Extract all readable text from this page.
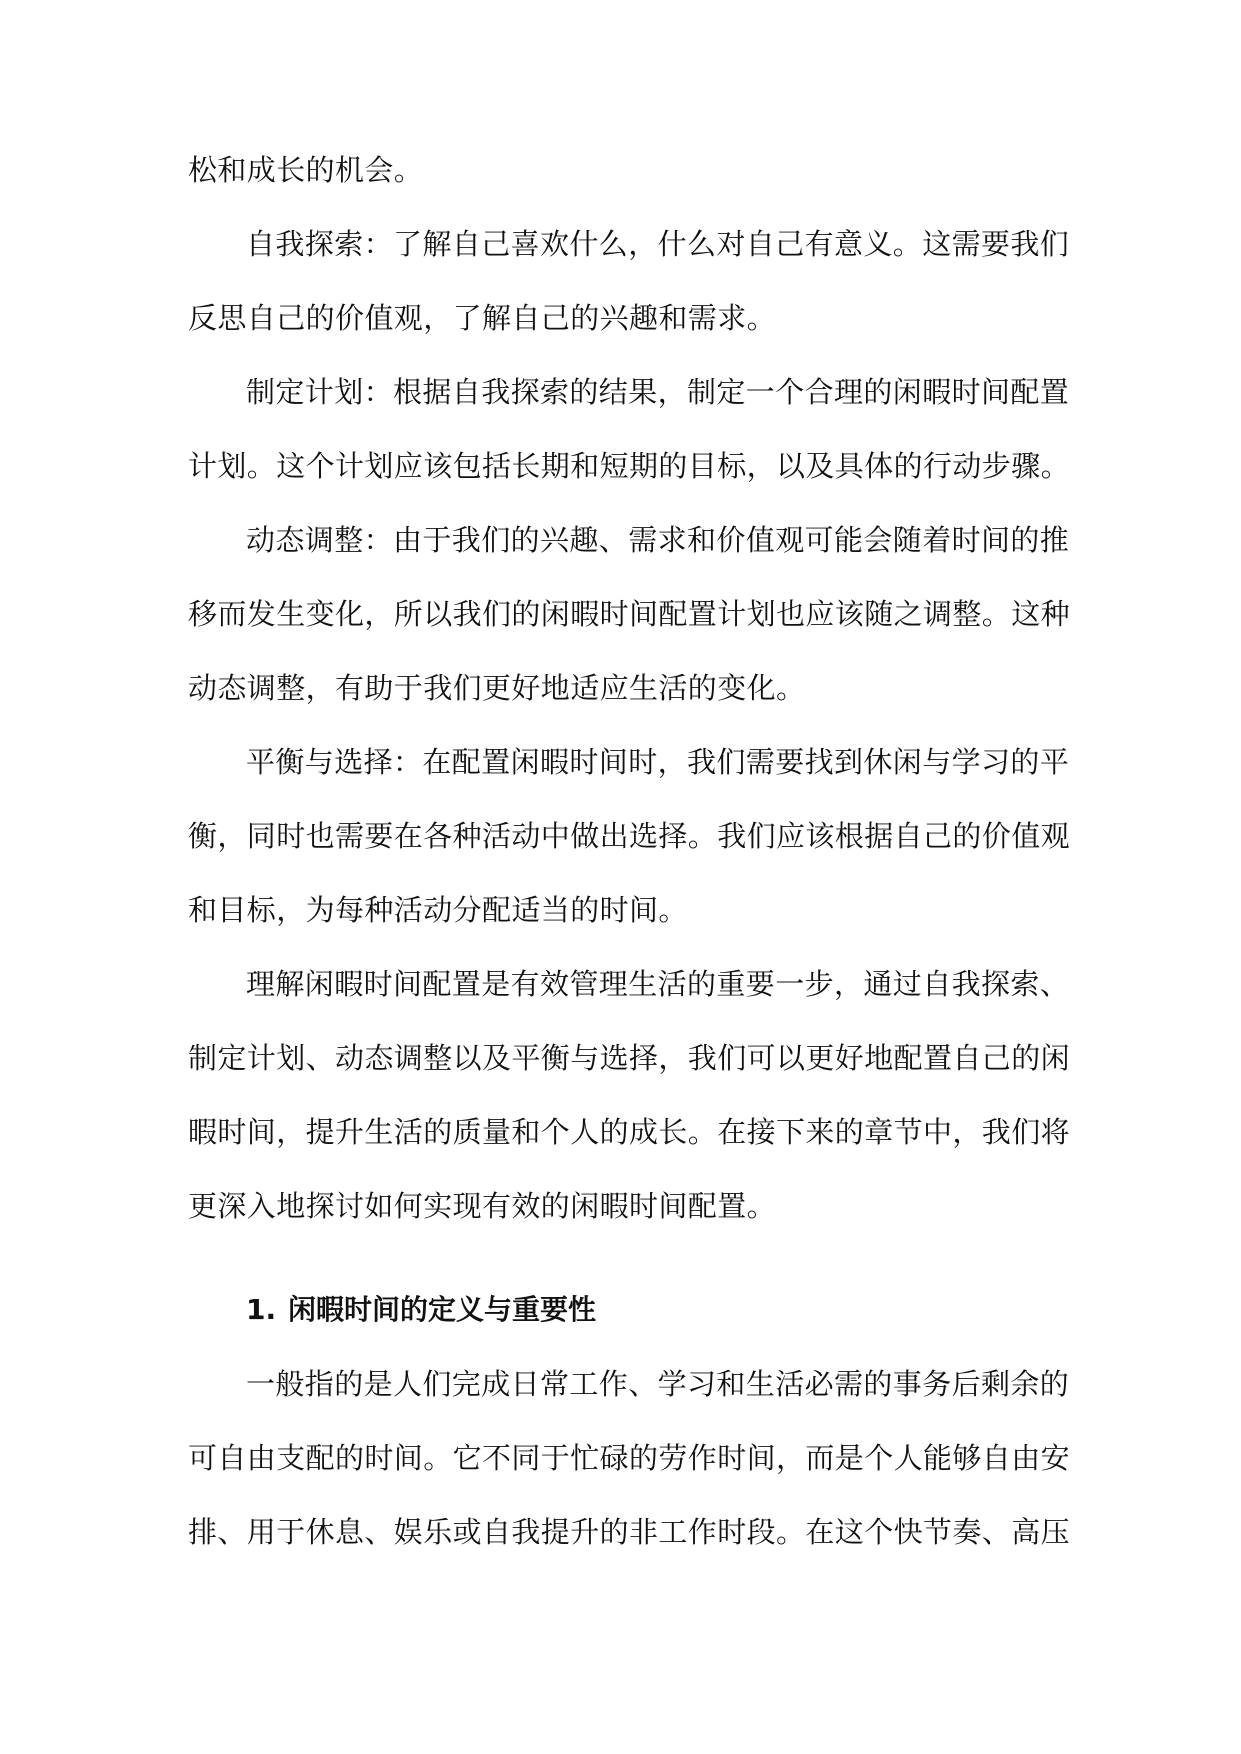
松和成长的机会。
自我探索：了解自己喜欢什么，什么对自己有意义。这需要我们
反思自己的价值观，了解自己的兴趣和需求。
制定计划：根据自我探索的结果，制定一个合理的闲暇时间配置
计划。这个计划应该包括长期和短期的目标，以及具体的行动步骤。
动态调整：由于我们的兴趣、需求和价值观可能会随着时间的推
移而发生变化，所以我们的闲暇时间配置计划也应该随之调整。这种
动态调整，有助于我们更好地适应生活的变化。
平衡与选择：在配置闲暇时间时，我们需要找到休闲与学习的平
衡，同时也需要在各种活动中做出选择。我们应该根据自己的价值观
和目标，为每种活动分配适当的时间。
理解闲暇时间配置是有效管理生活的重要一步，通过自我探索、
制定计划、动态调整以及平衡与选择，我们可以更好地配置自己的闲
暇时间，提升生活的质量和个人的成长。在接下来的章节中，我们将
更深入地探讨如何实现有效的闲暇时间配置。
1. 闲暇时间的定义与重要性
一般指的是人们完成日常工作、学习和生活必需的事务后剩余的
可自由支配的时间。它不同于忙碌的劳作时间，而是个人能够自由安
排、用于休息、娱乐或自我提升的非工作时段。在这个快节奏、高压
